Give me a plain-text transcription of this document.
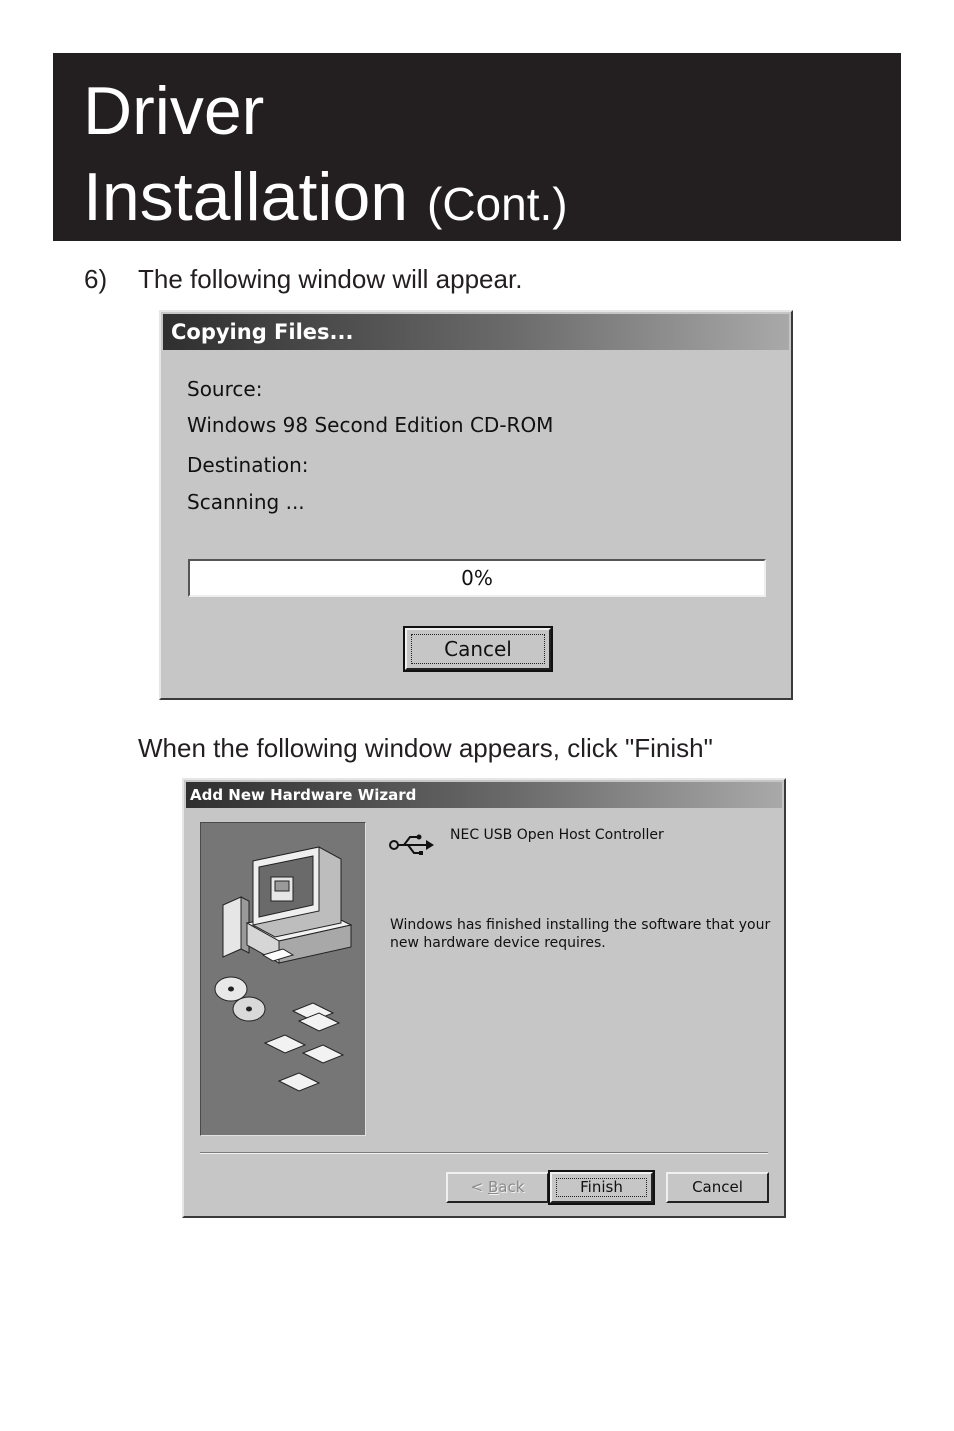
Driver
Installation (Cont.)
6) The following window will appear.
Copying Files...
Source:
Windows 98 Second Edition CD-ROM
Destination:
Scanning ...
0%
Cancel
When the following window appears, click "Finish"
Add New Hardware Wizard
NEC USB Open Host Controller
Windows has finished installing the software that your new hardware device requires.
< Back	Finish	Cancel
